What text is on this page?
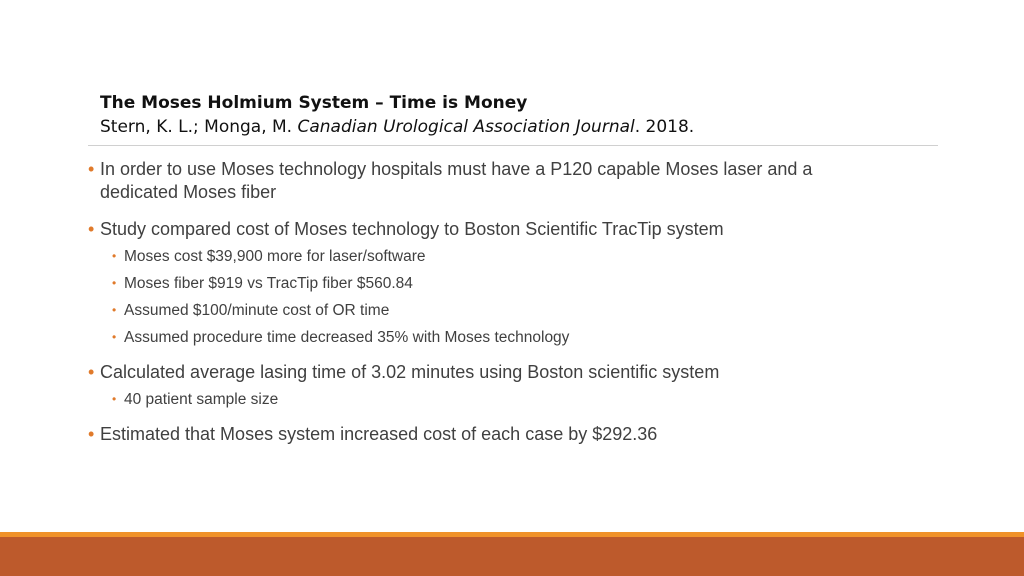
The Moses Holmium System – Time is Money
Stern, K. L.; Monga, M. Canadian Urological Association Journal. 2018.
• In order to use Moses technology hospitals must have a P120 capable Moses laser and a dedicated Moses fiber
• Study compared cost of Moses technology to Boston Scientific TracTip system
• Moses cost $39,900 more for laser/software
• Moses fiber $919 vs TracTip fiber $560.84
• Assumed $100/minute cost of OR time
• Assumed procedure time decreased 35% with Moses technology
• Calculated average lasing time of 3.02 minutes using Boston scientific system
• 40 patient sample size
• Estimated that Moses system increased cost of each case by $292.36
